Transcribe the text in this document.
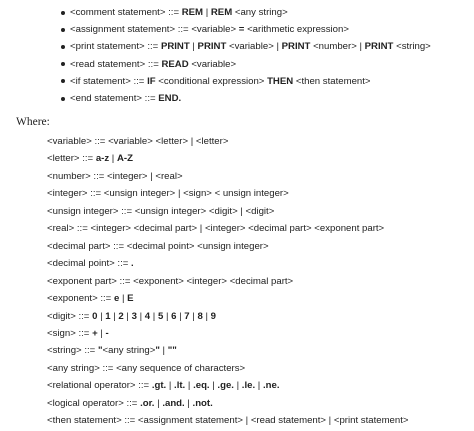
<comment statement> ::= REM | REM <any string>
<assignment statement> ::= <variable> = <arithmetic expression>
<print statement> ::= PRINT | PRINT <variable> | PRINT <number> | PRINT <string>
<read statement> ::= READ <variable>
<if statement> ::= IF <conditional expression> THEN <then statement>
<end statement> ::= END.
Where:
<variable> ::= <variable> <letter> | <letter>
<letter> ::= a-z | A-Z
<number> ::= <integer> | <real>
<integer> ::= <unsign integer> | <sign> < unsign integer>
<unsign integer> ::= <unsign integer> <digit> | <digit>
<real> ::= <integer> <decimal part> | <integer> <decimal part> <exponent part>
<decimal part> ::= <decimal point> <unsign integer>
<decimal point> ::= .
<exponent part> ::= <exponent> <integer> <decimal part>
<exponent> ::= e | E
<digit> ::= 0 | 1 | 2 | 3 | 4 | 5 | 6 | 7 | 8 | 9
<sign> ::= + | -
<string> ::= "<any string>" | ""
<any string> ::= <any sequence of characters>
<relational operator> ::= .gt. | .lt. | .eq. | .ge. | .le. | .ne.
<logical operator> ::= .or. | .and. | .not.
<then statement> ::= <assignment statement> | <read statement> | <print statement>
